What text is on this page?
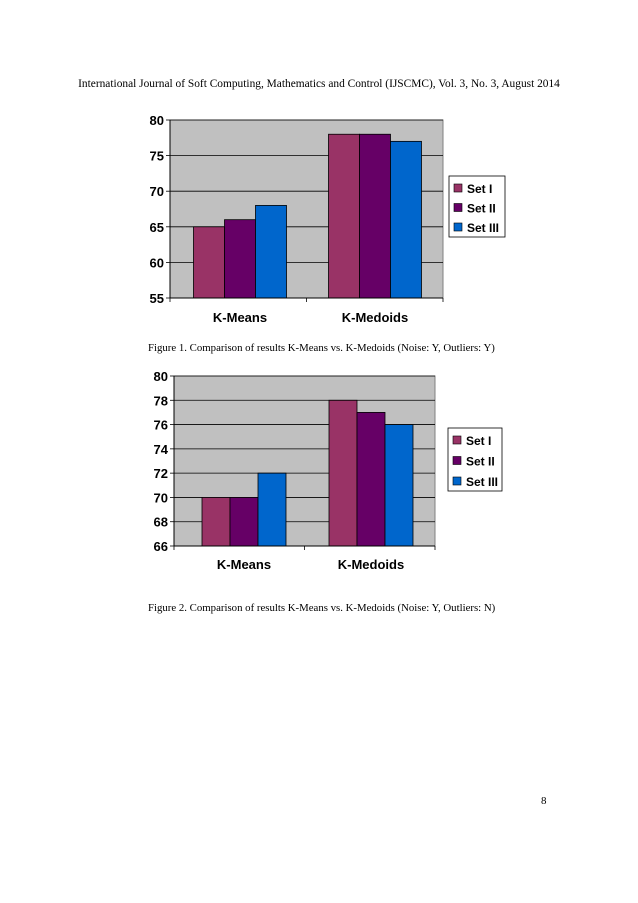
International Journal of Soft Computing, Mathematics and Control (IJSCMC), Vol. 3, No. 3, August 2014
55
60
65
70
75
80
K-Means	K-Medoids
Set I
Set II
Set III
Figure 1. Comparison of results K-Means vs. K-Medoids (Noise: Y, Outliers: Y)
66
68
70
72
74
76
78
80
K-Means	K-Medoids
Set I
Set II
Set III
Figure 2. Comparison of results K-Means vs. K-Medoids (Noise: Y, Outliers: N)
8
